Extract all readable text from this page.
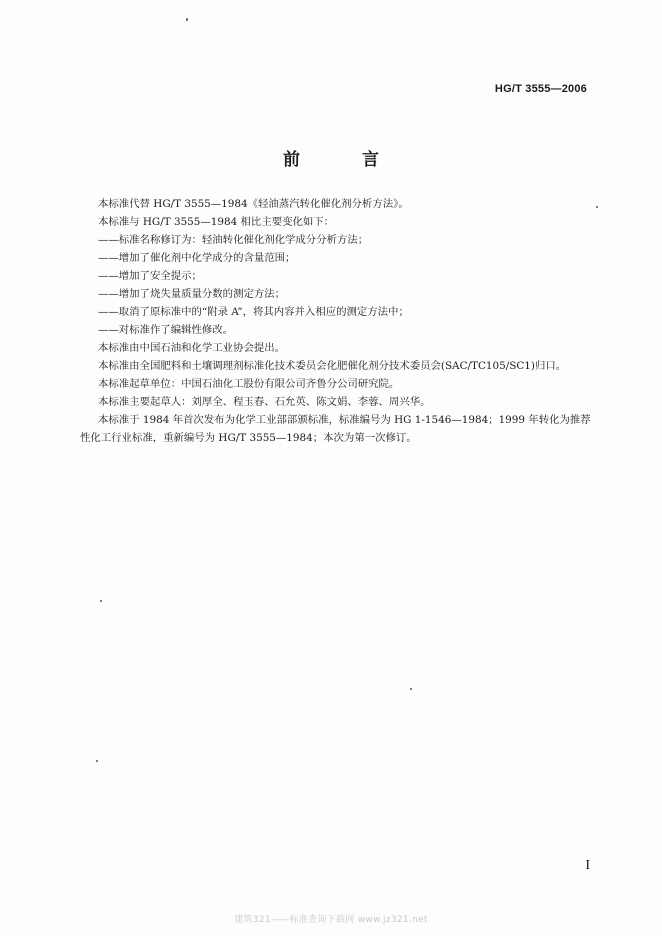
HG/T 3555—2006
前 言

本标准代替 HG/T 3555—1984《轻油蒸汽转化催化剂分析方法》。

本标准与 HG/T 3555—1984 相比主要变化如下：

——标准名称修订为：轻油转化催化剂化学成分分析方法；

——增加了催化剂中化学成分的含量范围；

——增加了安全提示；

——增加了烧失量质量分数的测定方法；

——取消了原标准中的“附录 A”，将其内容并入相应的测定方法中；

——对标准作了编辑性修改。

本标准由中国石油和化学工业协会提出。

本标准由全国肥料和土壤调理剂标准化技术委员会化肥催化剂分技术委员会(SAC/TC105/SC1)归口。

本标准起草单位：中国石油化工股份有限公司齐鲁分公司研究院。

本标准主要起草人：刘厚全、程玉春、石允英、陈文娟、李蓉、周兴华。

本标准于 1984 年首次发布为化学工业部部颁标准，标准编号为 HG 1-1546—1984；1999 年转化为推荐性化工行业标准，重新编号为 HG/T 3555—1984；本次为第一次修订。

I
建筑321——标准查询下载网 www.jz321.net
